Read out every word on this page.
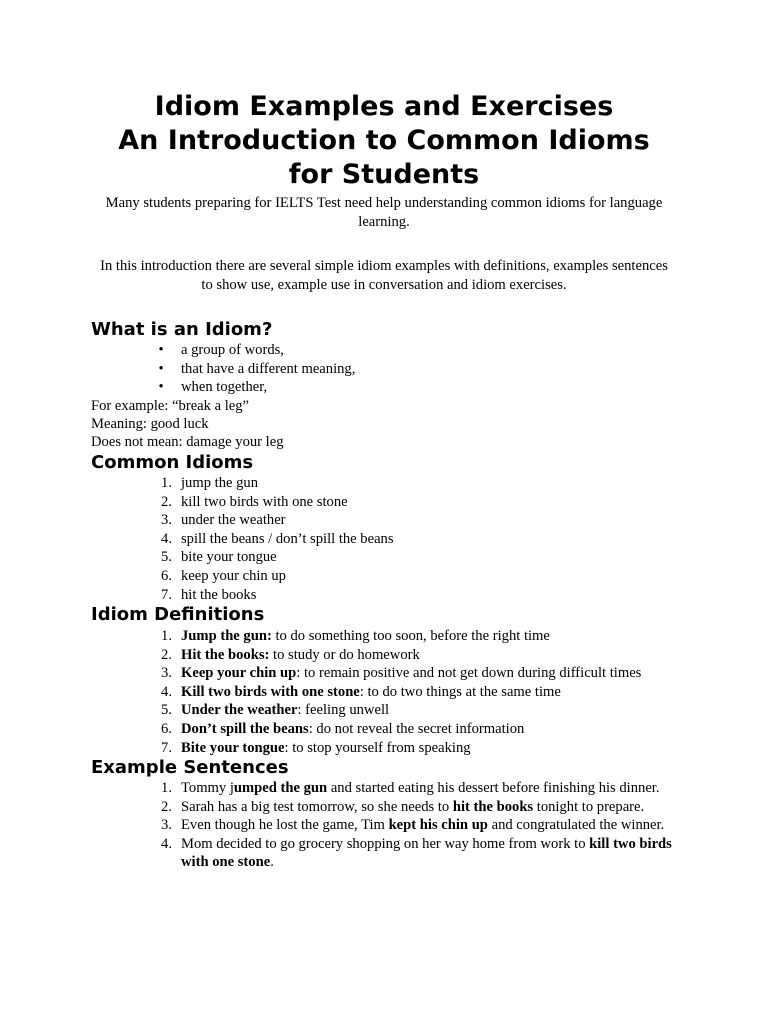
Idiom Examples and Exercises
An Introduction to Common Idioms
for Students

Many students preparing for IELTS Test need help understanding common idioms for language learning.

In this introduction there are several simple idiom examples with definitions, examples sentences to show use, example use in conversation and idiom exercises.

What is an Idiom?
• a group of words,
• that have a different meaning,
• when together,

For example: “break a leg”

Meaning: good luck

Does not mean: damage your leg

Common Idioms
1. jump the gun
2. kill two birds with one stone
3. under the weather
4. spill the beans / don’t spill the beans
5. bite your tongue
6. keep your chin up
7. hit the books
Idiom Definitions
1. Jump the gun: to do something too soon, before the right time
2. Hit the books: to study or do homework
3. Keep your chin up: to remain positive and not get down during difficult times
4. Kill two birds with one stone: to do two things at the same time
5. Under the weather: feeling unwell
6. Don’t spill the beans: do not reveal the secret information
7. Bite your tongue: to stop yourself from speaking
Example Sentences
1. Tommy jumped the gun and started eating his dessert before finishing his dinner.
2. Sarah has a big test tomorrow, so she needs to hit the books tonight to prepare.
3. Even though he lost the game, Tim kept his chin up and congratulated the winner.
4. Mom decided to go grocery shopping on her way home from work to kill two birds with one stone.
